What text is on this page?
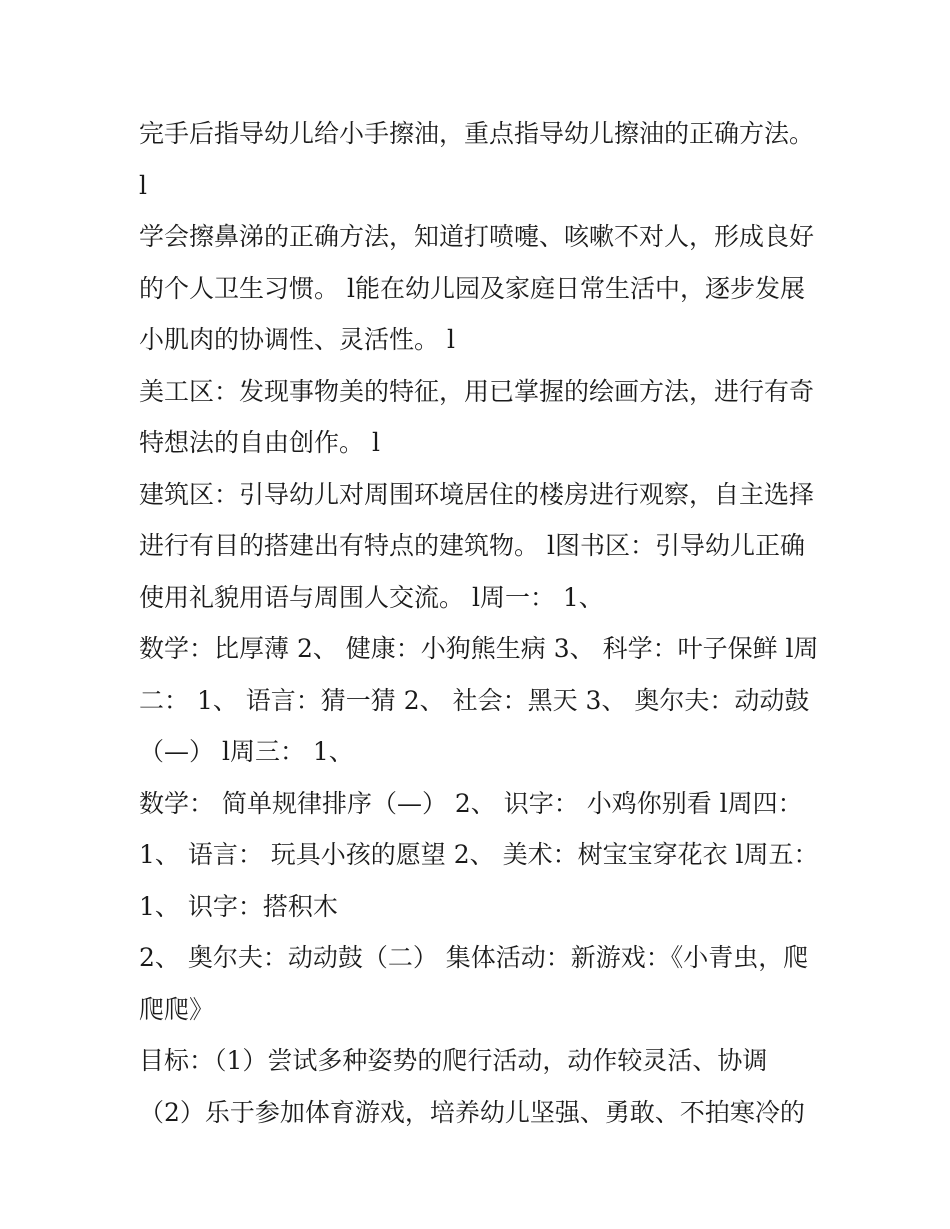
完手后指导幼儿给小手擦油，重点指导幼儿擦油的正确方法。
l
学会擦鼻涕的正确方法，知道打喷嚏、咳嗽不对人，形成良好
的个人卫生习惯。 l能在幼儿园及家庭日常生活中，逐步发展
小肌肉的协调性、灵活性。 l
美工区：发现事物美的特征，用已掌握的绘画方法，进行有奇
特想法的自由创作。 l
建筑区：引导幼儿对周围环境居住的楼房进行观察，自主选择
进行有目的搭建出有特点的建筑物。 l图书区：引导幼儿正确
使用礼貌用语与周围人交流。 l周一： 1、
数学：比厚薄 2、 健康：小狗熊生病 3、 科学：叶子保鲜 l周
二： 1、 语言：猜一猜 2、 社会：黑天 3、 奥尔夫：动动鼓
（—） l周三： 1、
数学： 简单规律排序（—） 2、 识字： 小鸡你别看 l周四：
1、 语言： 玩具小孩的愿望 2、 美术：树宝宝穿花衣 l周五：
1、 识字：搭积木
2、 奥尔夫：动动鼓（二） 集体活动：新游戏：《小青虫，爬
爬爬》
目标：（1）尝试多种姿势的爬行活动，动作较灵活、协调
（2）乐于参加体育游戏，培养幼儿坚强、勇敢、不拍寒冷的
